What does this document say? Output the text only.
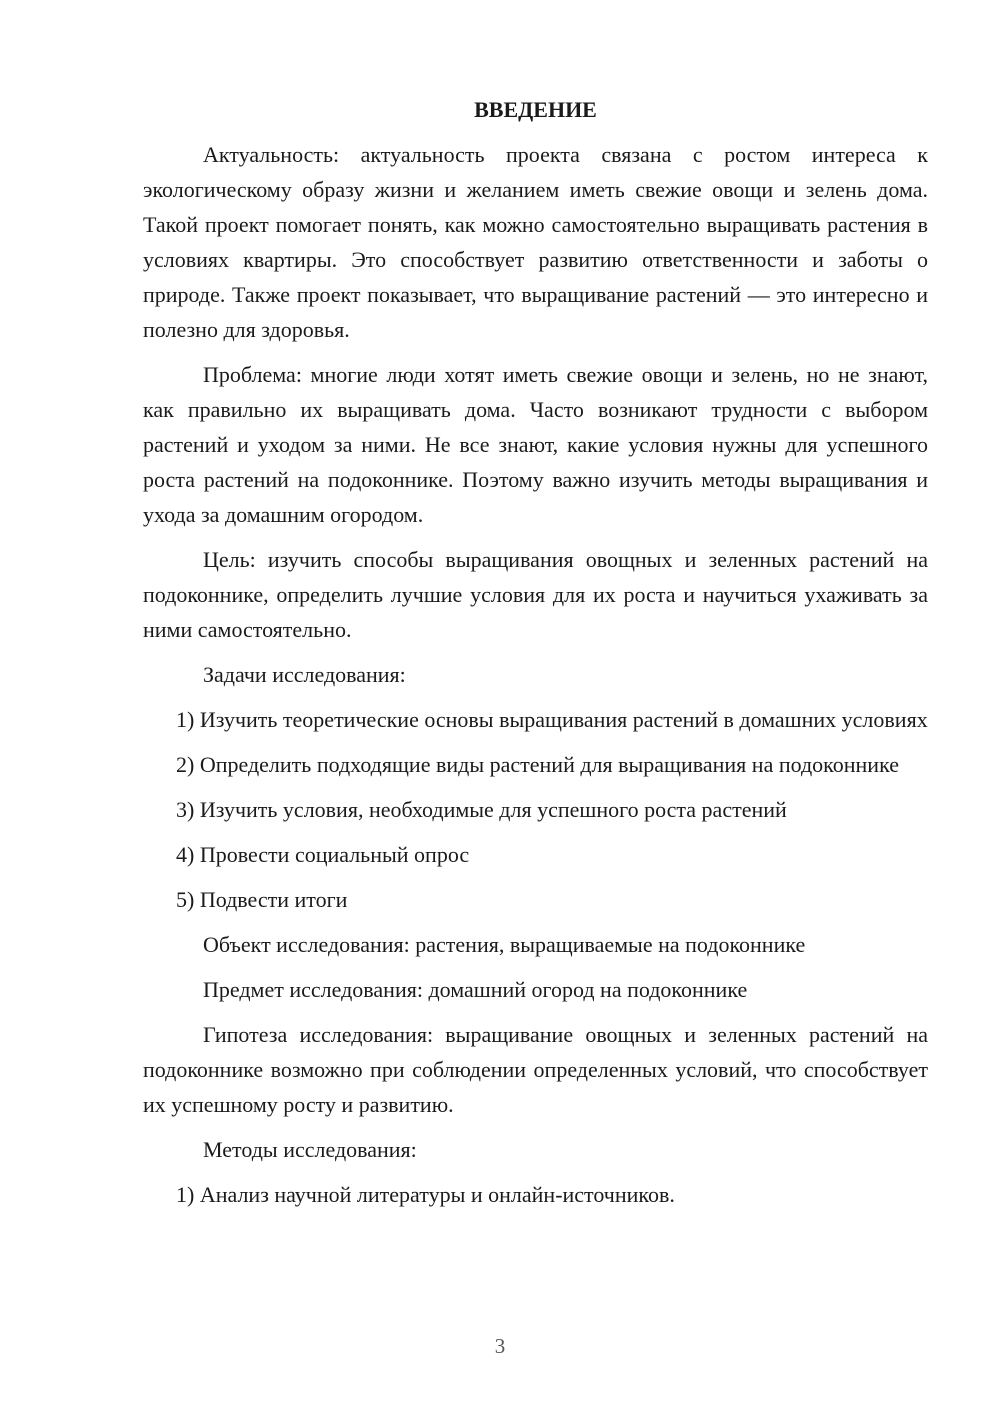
ВВЕДЕНИЕ

Актуальность: актуальность проекта связана с ростом интереса к экологическому образу жизни и желанием иметь свежие овощи и зелень дома. Такой проект помогает понять, как можно самостоятельно выращивать растения в условиях квартиры. Это способствует развитию ответственности и заботы о природе. Также проект показывает, что выращивание растений — это интересно и полезно для здоровья.

Проблема: многие люди хотят иметь свежие овощи и зелень, но не знают, как правильно их выращивать дома. Часто возникают трудности с выбором растений и уходом за ними. Не все знают, какие условия нужны для успешного роста растений на подоконнике. Поэтому важно изучить методы выращивания и ухода за домашним огородом.

Цель: изучить способы выращивания овощных и зеленных растений на подоконнике, определить лучшие условия для их роста и научиться ухаживать за ними самостоятельно.

Задачи исследования:

1) Изучить теоретические основы выращивания растений в домашних условиях

2) Определить подходящие виды растений для выращивания на подоконнике

3) Изучить условия, необходимые для успешного роста растений

4) Провести социальный опрос

5) Подвести итоги

Объект исследования: растения, выращиваемые на подоконнике

Предмет исследования: домашний огород на подоконнике

Гипотеза исследования: выращивание овощных и зеленных растений на подоконнике возможно при соблюдении определенных условий, что способствует их успешному росту и развитию.

Методы исследования:

1) Анализ научной литературы и онлайн-источников.

3
